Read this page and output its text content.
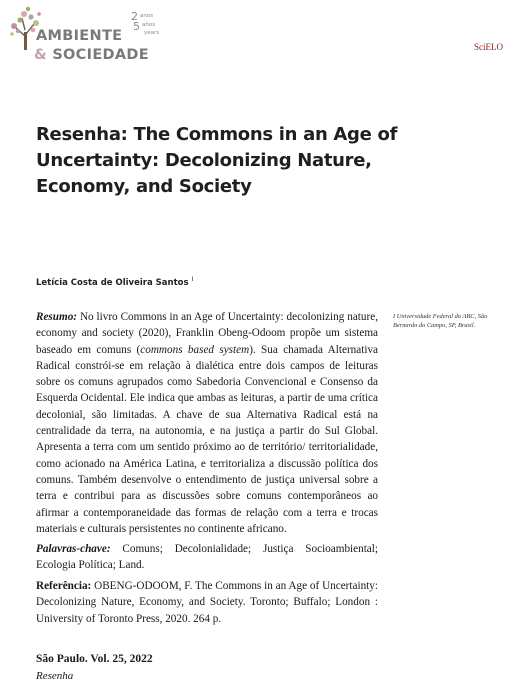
AMBIENTE
& SOCIEDADE
2
5
anos
años
years
SciELO
Resenha: The Commons in an Age of Uncertainty: Decolonizing Nature, Economy, and Society
Letícia Costa de Oliveira Santos $^I$
I Universidade Federal do ABC, São Bernardo do Campo, SP, Brasil.

Resumo: No livro Commons in an Age of Uncertainty: decolonizing nature, economy and society (2020), Franklin Obeng-Odoom propõe um sistema baseado em comuns (commons based system). Sua chamada Alternativa Radical constrói-se em relação à dialética entre dois campos de leituras sobre os comuns agrupados como Sabedoria Convencional e Consenso da Esquerda Ocidental. Ele indica que ambas as leituras, a partir de uma crítica decolonial, são limitadas. A chave de sua Alternativa Radical está na centralidade da terra, na autonomia, e na justiça a partir do Sul Global. Apresenta a terra com um sentido próximo ao de território/ territorialidade, como acionado na América Latina, e territorializa a discussão política dos comuns. Também desenvolve o entendimento de justiça universal sobre a terra e contribui para as discussões sobre comuns contemporâneos ao afirmar a contemporaneidade das formas de relação com a terra e trocas materiais e culturais persistentes no continente africano.

Palavras-chave: Comuns; Decolonialidade; Justiça Socioambiental; Ecologia Política; Land.

Referência: OBENG-ODOOM, F. The Commons in an Age of Uncertainty: Decolonizing Nature, Economy, and Society. Toronto; Buffalo; London : University of Toronto Press, 2020. 264 p.

São Paulo. Vol. 25, 2022
Resenha
